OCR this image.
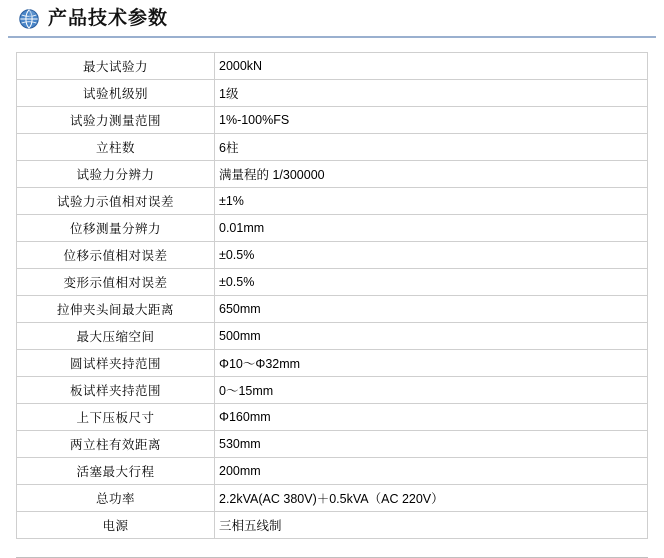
产品技术参数
最大试验力	2000kN
试验机级别	1级
试验力测量范围	1%-100%FS
立柱数	6柱
试验力分辨力	满量程的 1/300000
试验力示值相对误差	±1%
位移测量分辨力	0.01mm
位移示值相对误差	±0.5%
变形示值相对误差	±0.5%
拉伸夹头间最大距离	650mm
最大压缩空间	500mm
圆试样夹持范围	Φ10～Φ32mm
板试样夹持范围	0～15mm
上下压板尺寸	Φ160mm
两立柱有效距离	530mm
活塞最大行程	200mm
总功率	2.2kVA(AC 380V)＋0.5kVA（AC 220V）
电源	三相五线制
